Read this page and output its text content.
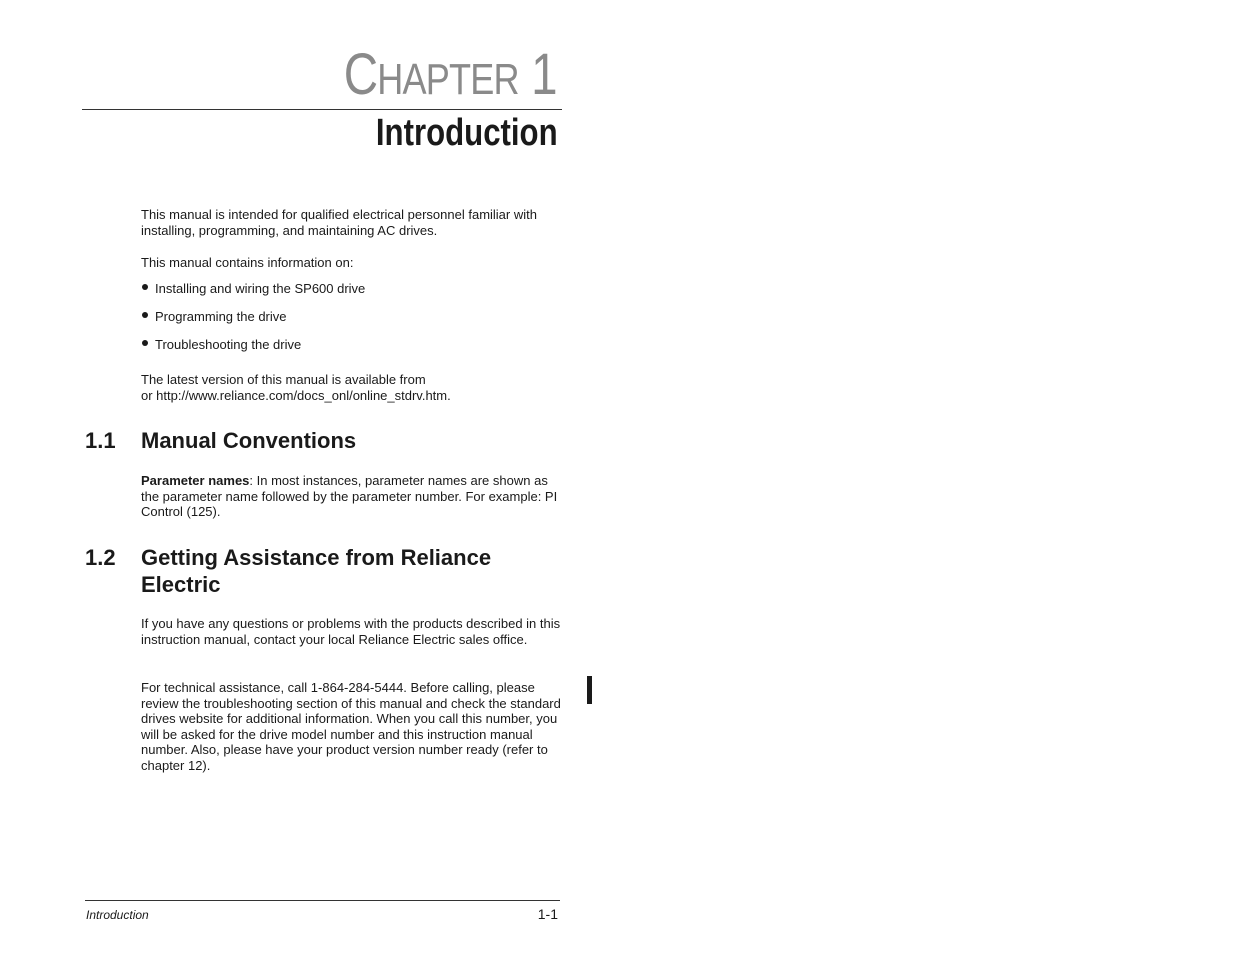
CHAPTER 1
Introduction

This manual is intended for qualified electrical personnel familiar with installing, programming, and maintaining AC drives.

This manual contains information on:

Installing and wiring the SP600 drive
Programming the drive
Troubleshooting the drive

The latest version of this manual is available from
or http://www.reliance.com/docs_onl/online_stdrv.htm.

1.1 Manual Conventions

Parameter names: In most instances, parameter names are shown as the parameter name followed by the parameter number. For example: PI Control (125).

1.2 Getting Assistance from Reliance Electric

If you have any questions or problems with the products described in this instruction manual, contact your local Reliance Electric sales office.

For technical assistance, call 1-864-284-5444. Before calling, please review the troubleshooting section of this manual and check the standard drives website for additional information. When you call this number, you will be asked for the drive model number and this instruction manual number. Also, please have your product version number ready (refer to chapter 12).

Introduction	1-1
